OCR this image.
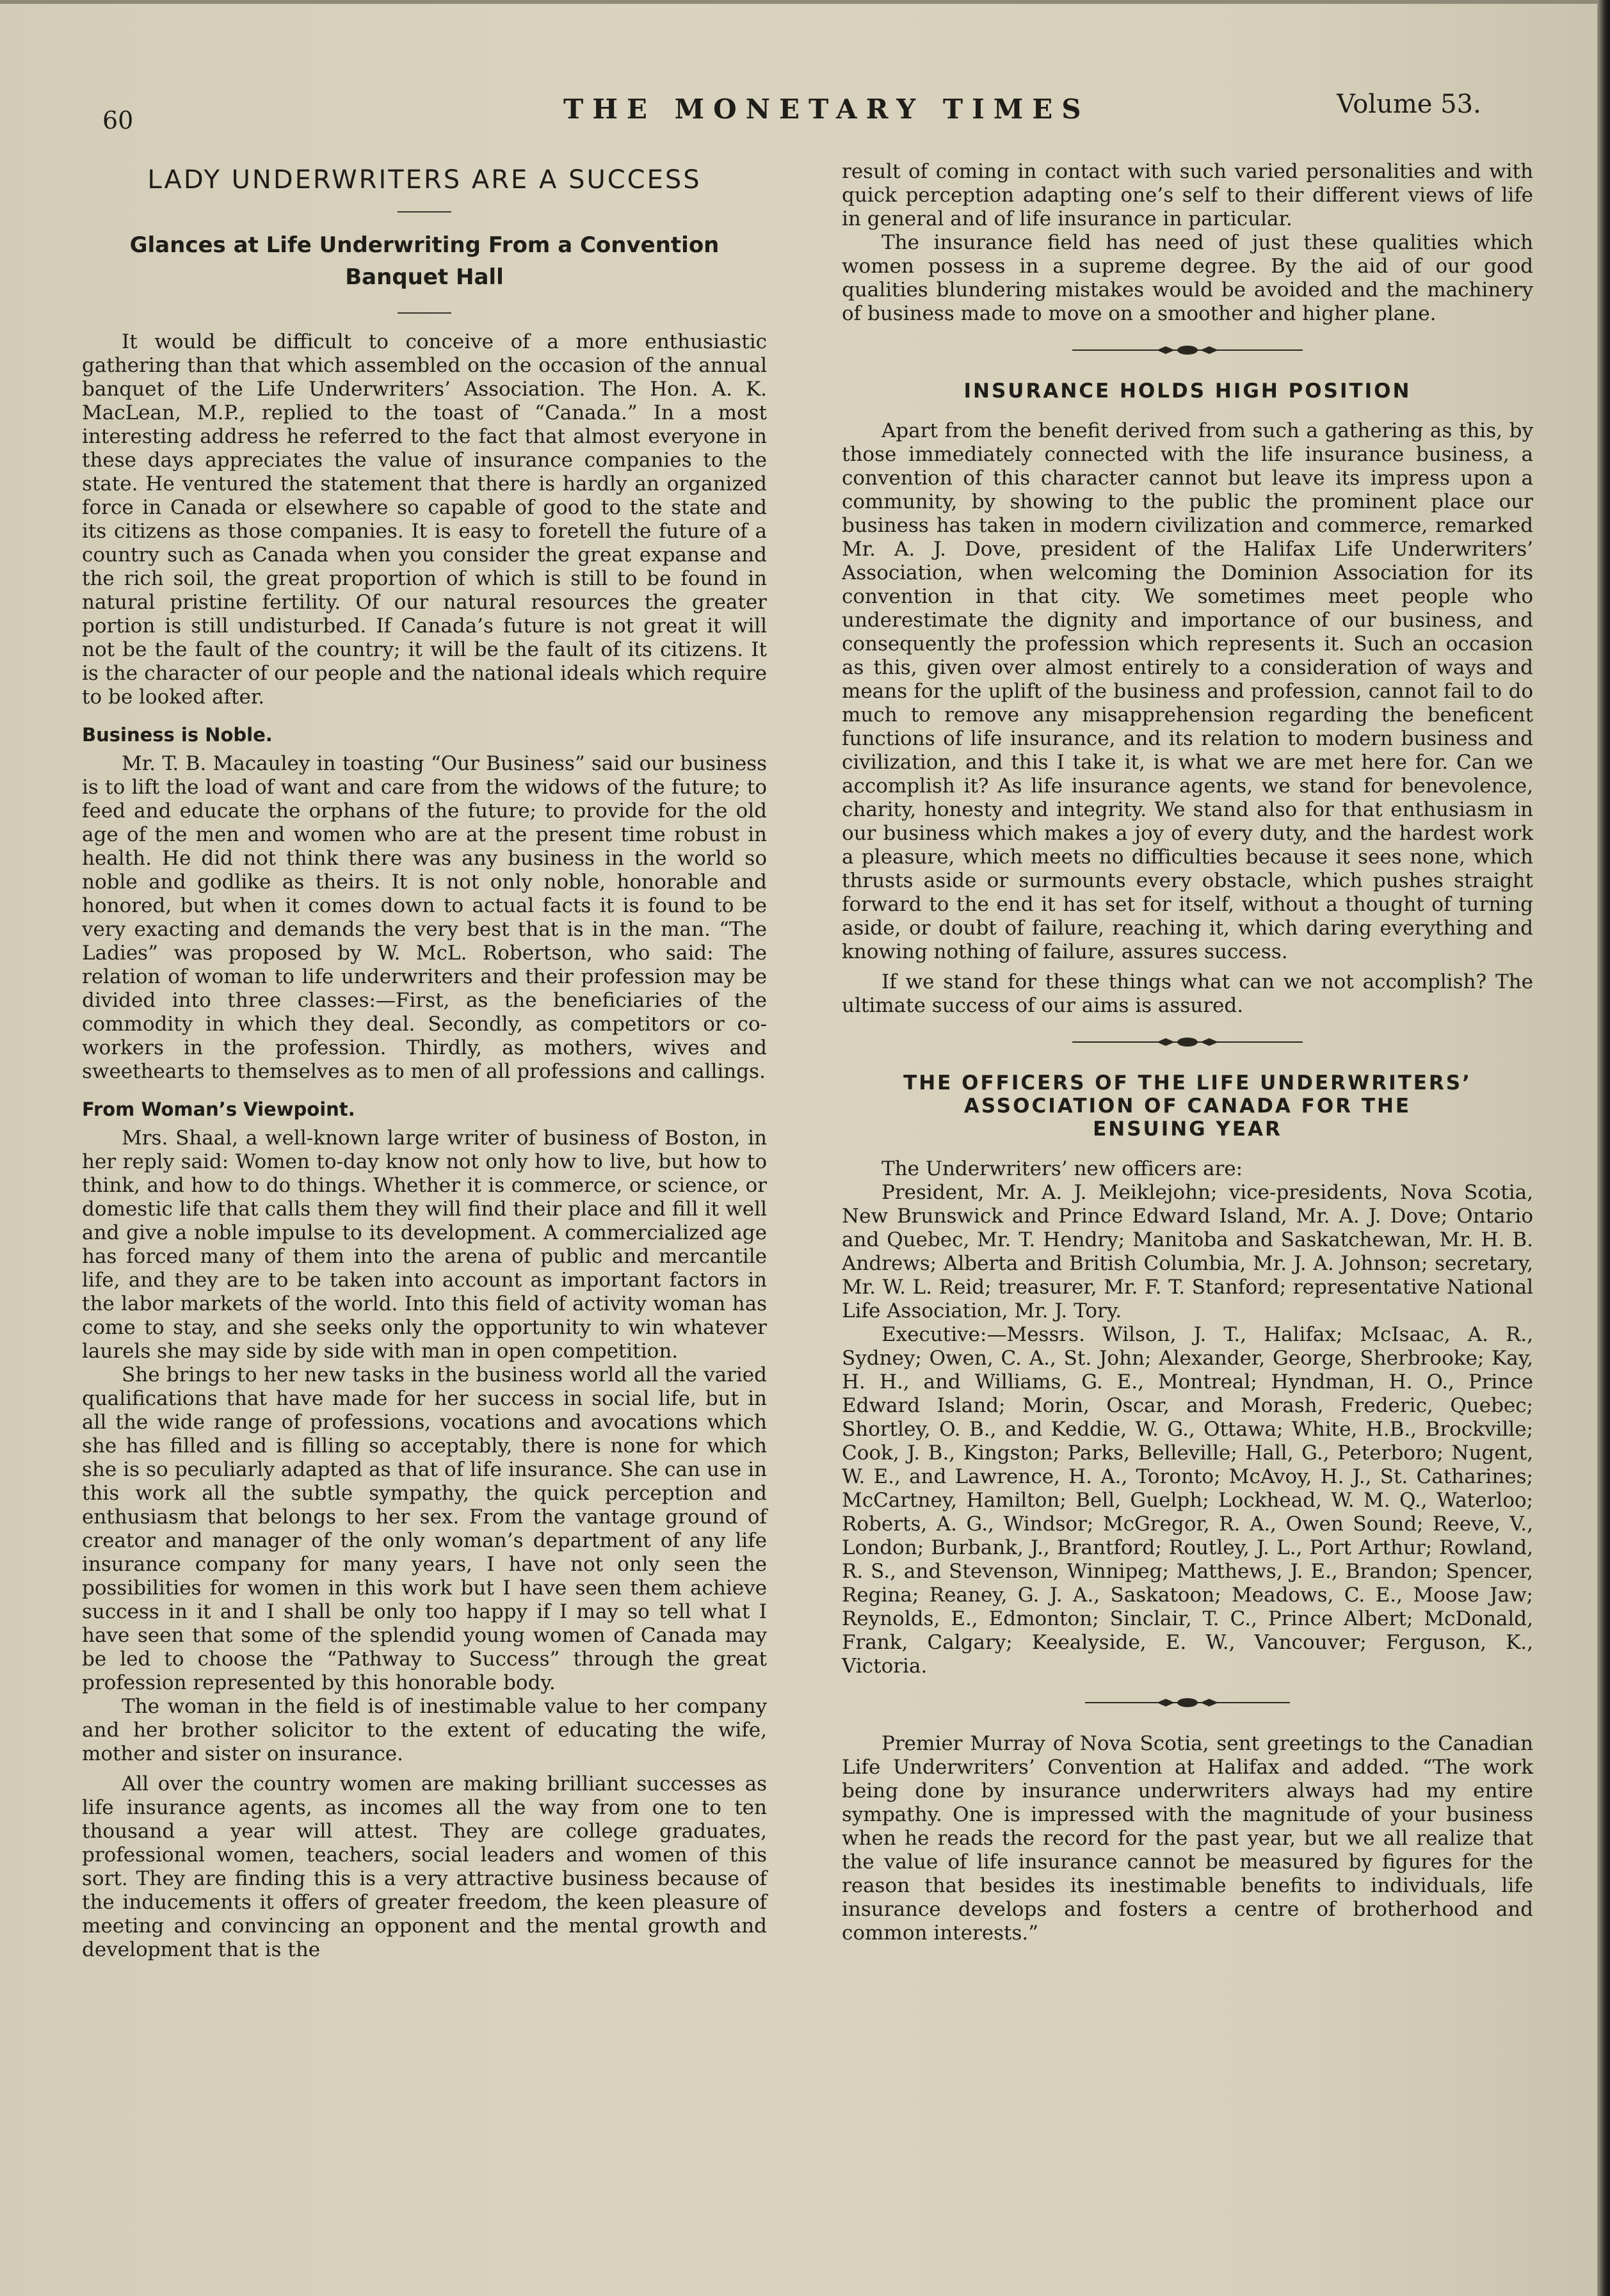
60	THE MONETARY TIMES	Volume 53.
LADY UNDERWRITERS ARE A SUCCESS
Glances at Life Underwriting From a Convention Banquet Hall

It would be difficult to conceive of a more enthusiastic gathering than that which assembled on the occasion of the annual banquet of the Life Underwriters’ Association. The Hon. A. K. MacLean, M.P., replied to the toast of “Canada.” In a most interesting address he referred to the fact that almost everyone in these days appreciates the value of insurance companies to the state. He ventured the statement that there is hardly an organized force in Canada or elsewhere so capable of good to the state and its citizens as those companies. It is easy to foretell the future of a country such as Canada when you consider the great expanse and the rich soil, the great proportion of which is still to be found in natural pristine fertility. Of our natural resources the greater portion is still undisturbed. If Canada’s future is not great it will not be the fault of the country; it will be the fault of its citizens. It is the character of our people and the national ideals which require to be looked after.

Business is Noble.

Mr. T. B. Macauley in toasting “Our Business” said our business is to lift the load of want and care from the widows of the future; to feed and educate the orphans of the future; to provide for the old age of the men and women who are at the present time robust in health. He did not think there was any business in the world so noble and godlike as theirs. It is not only noble, honorable and honored, but when it comes down to actual facts it is found to be very exacting and demands the very best that is in the man. “The Ladies” was proposed by W. McL. Robertson, who said: The relation of woman to life underwriters and their profession may be divided into three classes:—First, as the beneficiaries of the commodity in which they deal. Secondly, as competitors or co-workers in the profession. Thirdly, as mothers, wives and sweethearts to themselves as to men of all professions and callings.

From Woman’s Viewpoint.

Mrs. Shaal, a well-known large writer of business of Boston, in her reply said: Women to-day know not only how to live, but how to think, and how to do things. Whether it is commerce, or science, or domestic life that calls them they will find their place and fill it well and give a noble impulse to its development. A commercialized age has forced many of them into the arena of public and mercantile life, and they are to be taken into account as important factors in the labor markets of the world. Into this field of activity woman has come to stay, and she seeks only the opportunity to win whatever laurels she may side by side with man in open competition.

She brings to her new tasks in the business world all the varied qualifications that have made for her success in social life, but in all the wide range of professions, vocations and avocations which she has filled and is filling so acceptably, there is none for which she is so peculiarly adapted as that of life insurance. She can use in this work all the subtle sympathy, the quick perception and enthusiasm that belongs to her sex. From the vantage ground of creator and manager of the only woman’s department of any life insurance company for many years, I have not only seen the possibilities for women in this work but I have seen them achieve success in it and I shall be only too happy if I may so tell what I have seen that some of the splendid young women of Canada may be led to choose the “Pathway to Success” through the great profession represented by this honorable body.

The woman in the field is of inestimable value to her company and her brother solicitor to the extent of educating the wife, mother and sister on insurance.

All over the country women are making brilliant successes as life insurance agents, as incomes all the way from one to ten thousand a year will attest. They are college graduates, professional women, teachers, social leaders and women of this sort. They are finding this is a very attractive business because of the inducements it offers of greater freedom, the keen pleasure of meeting and convincing an opponent and the mental growth and development that is the

result of coming in contact with such varied personalities and with quick perception adapting one’s self to their different views of life in general and of life insurance in particular.

The insurance field has need of just these qualities which women possess in a supreme degree. By the aid of our good qualities blundering mistakes would be avoided and the machinery of business made to move on a smoother and higher plane.

INSURANCE HOLDS HIGH POSITION

Apart from the benefit derived from such a gathering as this, by those immediately connected with the life insurance business, a convention of this character cannot but leave its impress upon a community, by showing to the public the prominent place our business has taken in modern civilization and commerce, remarked Mr. A. J. Dove, president of the Halifax Life Underwriters’ Association, when welcoming the Dominion Association for its convention in that city. We sometimes meet people who underestimate the dignity and importance of our business, and consequently the profession which represents it. Such an occasion as this, given over almost entirely to a consideration of ways and means for the uplift of the business and profession, cannot fail to do much to remove any misapprehension regarding the beneficent functions of life insurance, and its relation to modern business and civilization, and this I take it, is what we are met here for. Can we accomplish it? As life insurance agents, we stand for benevolence, charity, honesty and integrity. We stand also for that enthusiasm in our business which makes a joy of every duty, and the hardest work a pleasure, which meets no difficulties because it sees none, which thrusts aside or surmounts every obstacle, which pushes straight forward to the end it has set for itself, without a thought of turning aside, or doubt of failure, reaching it, which daring everything and knowing nothing of failure, assures success.

If we stand for these things what can we not accomplish? The ultimate success of our aims is assured.

THE OFFICERS OF THE LIFE UNDERWRITERS’
ASSOCIATION OF CANADA FOR THE
ENSUING YEAR

The Underwriters’ new officers are:

President, Mr. A. J. Meiklejohn; vice-presidents, Nova Scotia, New Brunswick and Prince Edward Island, Mr. A. J. Dove; Ontario and Quebec, Mr. T. Hendry; Manitoba and Saskatchewan, Mr. H. B. Andrews; Alberta and British Columbia, Mr. J. A. Johnson; secretary, Mr. W. L. Reid; treasurer, Mr. F. T. Stanford; representative National Life Association, Mr. J. Tory.

Executive:—Messrs. Wilson, J. T., Halifax; McIsaac, A. R., Sydney; Owen, C. A., St. John; Alexander, George, Sherbrooke; Kay, H. H., and Williams, G. E., Montreal; Hyndman, H. O., Prince Edward Island; Morin, Oscar, and Morash, Frederic, Quebec; Shortley, O. B., and Keddie, W. G., Ottawa; White, H.B., Brockville; Cook, J. B., Kingston; Parks, Belleville; Hall, G., Peterboro; Nugent, W. E., and Lawrence, H. A., Toronto; McAvoy, H. J., St. Catharines; McCartney, Hamilton; Bell, Guelph; Lockhead, W. M. Q., Waterloo; Roberts, A. G., Windsor; McGregor, R. A., Owen Sound; Reeve, V., London; Burbank, J., Brantford; Routley, J. L., Port Arthur; Rowland, R. S., and Stevenson, Winnipeg; Matthews, J. E., Brandon; Spencer, Regina; Reaney, G. J. A., Saskatoon; Meadows, C. E., Moose Jaw; Reynolds, E., Edmonton; Sinclair, T. C., Prince Albert; McDonald, Frank, Calgary; Keealyside, E. W., Vancouver; Ferguson, K., Victoria.

Premier Murray of Nova Scotia, sent greetings to the Canadian Life Underwriters’ Convention at Halifax and added. “The work being done by insurance underwriters always had my entire sympathy. One is impressed with the magnitude of your business when he reads the record for the past year, but we all realize that the value of life insurance cannot be measured by figures for the reason that besides its inestimable benefits to individuals, life insurance develops and fosters a centre of brotherhood and common interests.”
